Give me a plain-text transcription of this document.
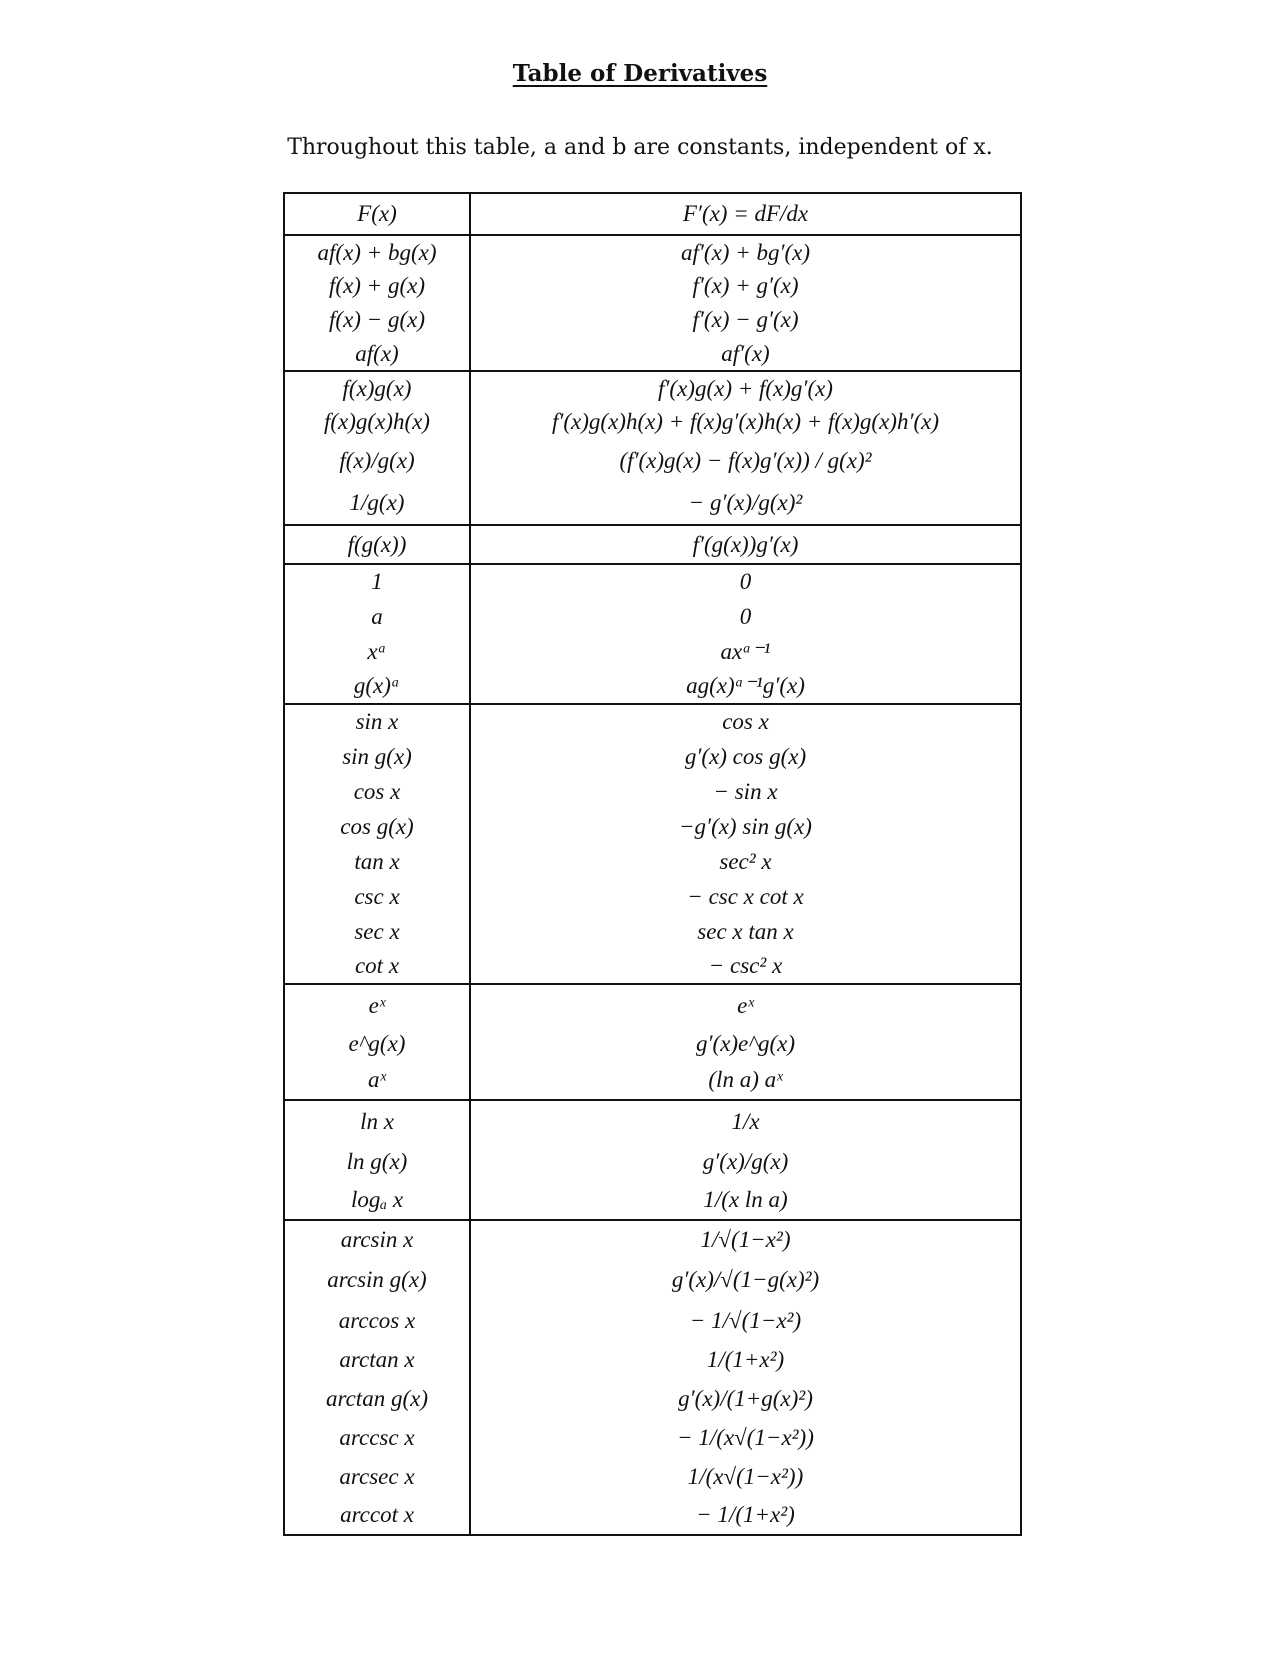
Table of Derivatives
Throughout this table, a and b are constants, independent of x.
F(x)	F′(x) = dF/dx
af(x) + bg(x)	af′(x) + bg′(x)
f(x) + g(x)	f′(x) + g′(x)
f(x) − g(x)	f′(x) − g′(x)
af(x)	af′(x)
f(x)g(x)	f′(x)g(x) + f(x)g′(x)
f(x)g(x)h(x)	f′(x)g(x)h(x) + f(x)g′(x)h(x) + f(x)g(x)h′(x)
f(x)/g(x)	(f′(x)g(x) − f(x)g′(x)) / g(x)²
1/g(x)	− g′(x)/g(x)²
f(g(x))	f′(g(x))g′(x)
1	0
a	0
xᵃ	axᵃ⁻¹
g(x)ᵃ	ag(x)ᵃ⁻¹g′(x)
sin x	cos x
sin g(x)	g′(x) cos g(x)
cos x	− sin x
cos g(x)	−g′(x) sin g(x)
tan x	sec² x
csc x	− csc x cot x
sec x	sec x tan x
cot x	− csc² x
eˣ	eˣ
e^g(x)	g′(x)e^g(x)
aˣ	(ln a) aˣ
ln x	1/x
ln g(x)	g′(x)/g(x)
logₐ x	1/(x ln a)
arcsin x	1/√(1−x²)
arcsin g(x)	g′(x)/√(1−g(x)²)
arccos x	− 1/√(1−x²)
arctan x	1/(1+x²)
arctan g(x)	g′(x)/(1+g(x)²)
arccsc x	− 1/(x√(1−x²))
arcsec x	1/(x√(1−x²))
arccot x	− 1/(1+x²)
